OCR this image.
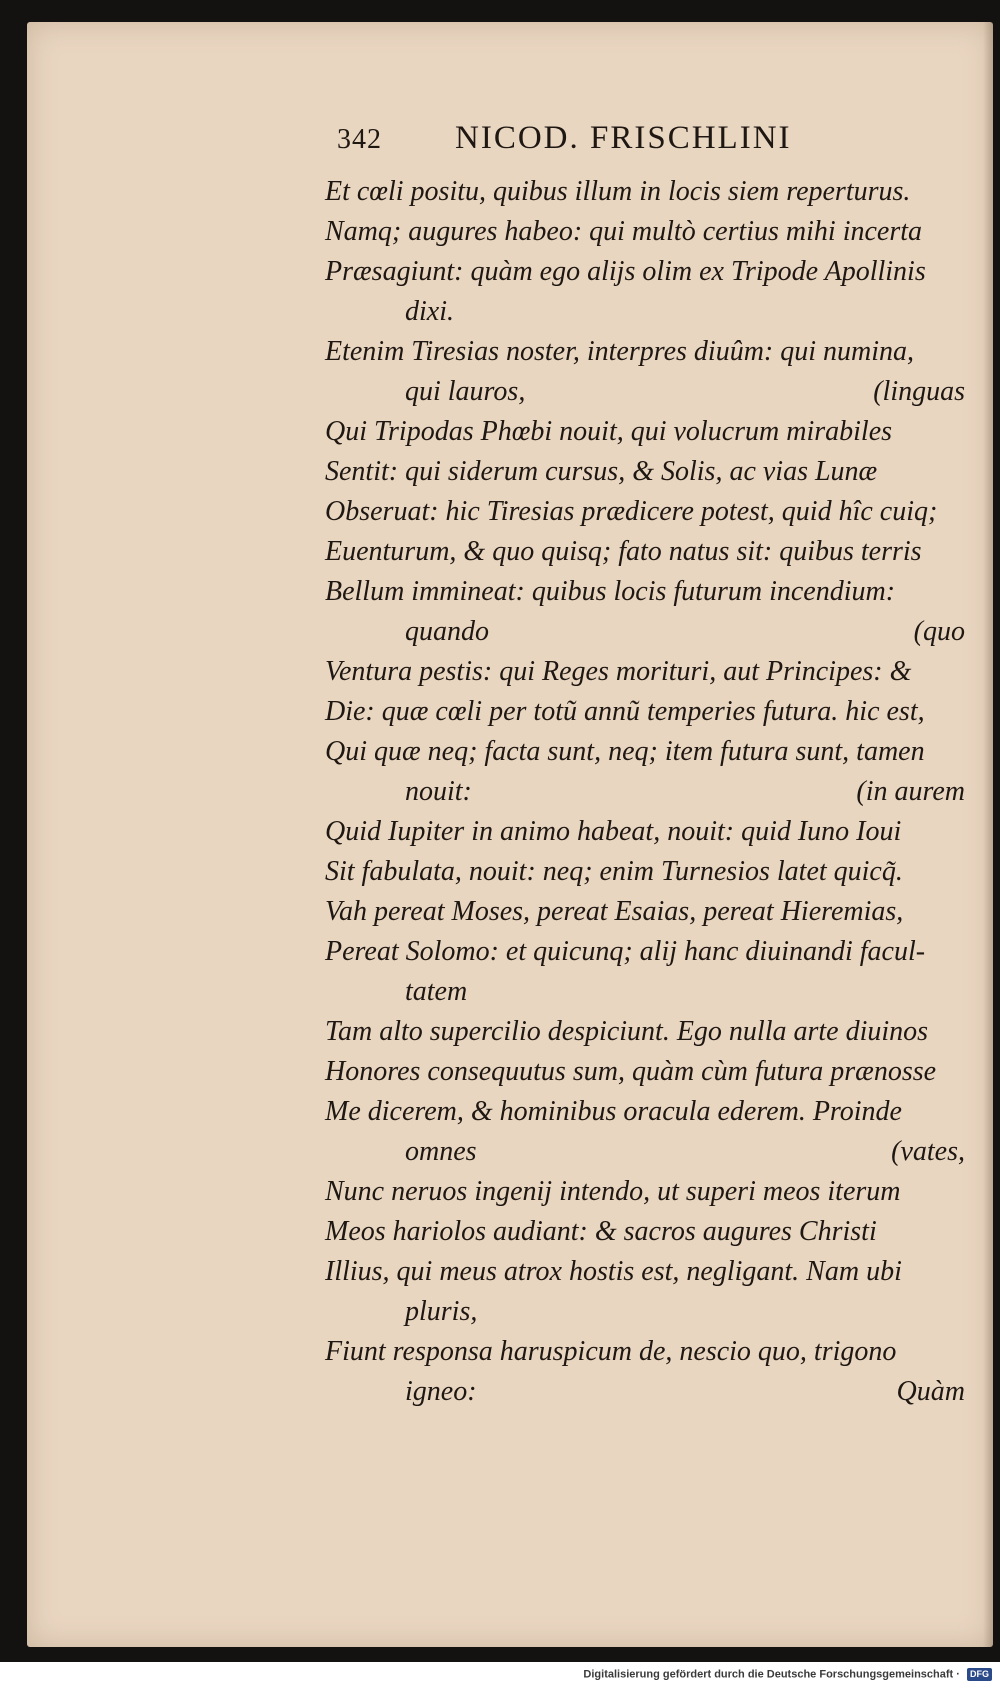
342 NICOD. FRISCHLINI
Et cœli positu, quibus illum in locis siem reperturus.
Namq; augures habeo: qui multò certius mihi incerta
Præsagiunt: quàm ego alijs olim ex Tripode Apollinis
dixi.
Etenim Tiresias noster, interpres diuûm: qui numina,
qui lauros,	(linguas
Qui Tripodas Phœbi nouit, qui volucrum mirabiles
Sentit: qui siderum cursus, & Solis, ac vias Lunæ
Obseruat: hic Tiresias prædicere potest, quid hîc cuiq;
Euenturum, & quo quisq; fato natus sit: quibus terris
Bellum immineat: quibus locis futurum incendium:
quando	(quo
Ventura pestis: qui Reges morituri, aut Principes: &
Die: quæ cœli per totũ annũ temperies futura. hic est,
Qui quæ neq; facta sunt, neq; item futura sunt, tamen
nouit:	(in aurem
Quid Iupiter in animo habeat, nouit: quid Iuno Ioui
Sit fabulata, nouit: neq; enim Turnesios latet quicq̃.
Vah pereat Moses, pereat Esaias, pereat Hieremias,
Pereat Solomo: et quicunq; alij hanc diuinandi facul-
tatem
Tam alto supercilio despiciunt. Ego nulla arte diuinos
Honores consequutus sum, quàm cùm futura prænosse
Me dicerem, & hominibus oracula ederem. Proinde
omnes	(vates,
Nunc neruos ingenij intendo, ut superi meos iterum
Meos hariolos audiant: & sacros augures Christi
Illius, qui meus atrox hostis est, negligant. Nam ubi
pluris,
Fiunt responsa haruspicum de, nescio quo, trigono
igneo:	Quàm
Digitalisierung gefördert durch die Deutsche Forschungsgemeinschaft · DFG
